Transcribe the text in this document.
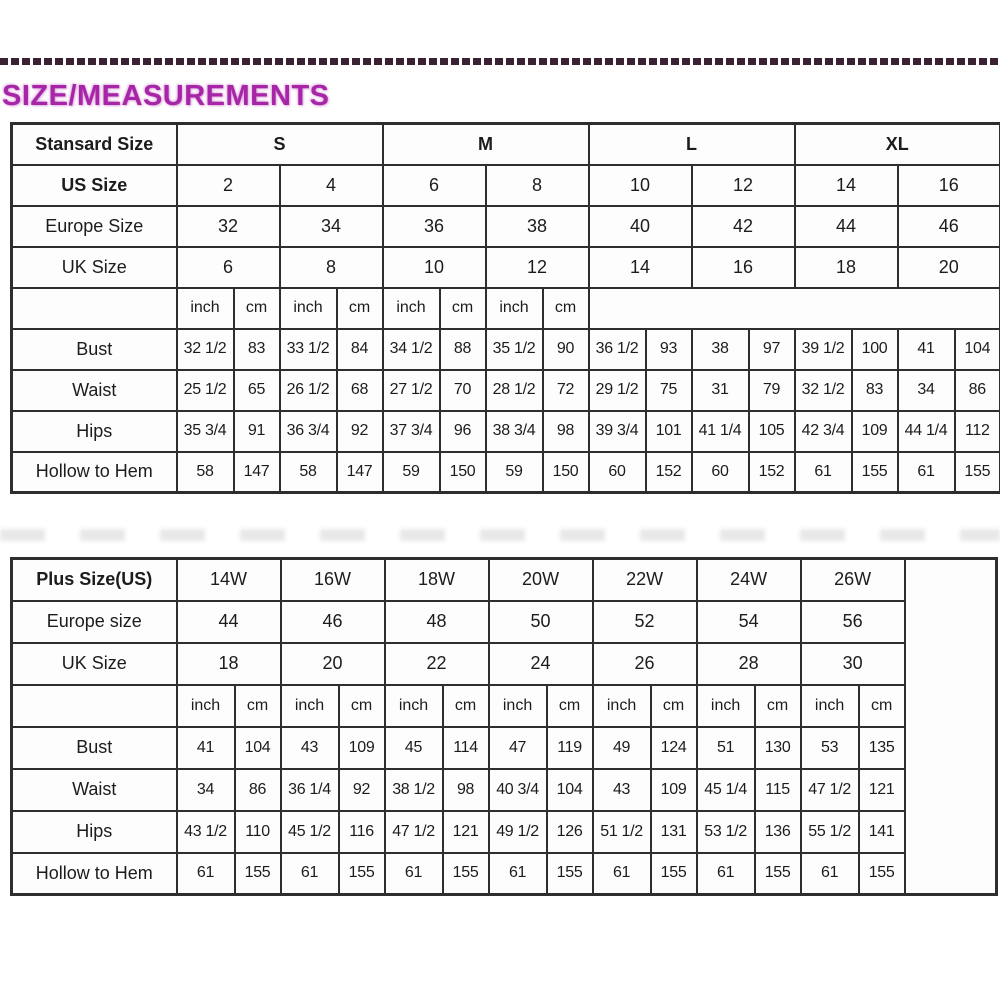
SIZE/MEASUREMENTS
Stansard Size	S				M				L				XL			
US Size	2		4		6		8		10		12		14		16	
Europe Size	32		34		36		38		40		42		44		46	
UK Size	6		8		10		12		14		16		18		20	
	inch	cm	inch	cm	inch	cm	inch	cm								
Bust	32 1/2	83	33 1/2	84	34 1/2	88	35 1/2	90	36 1/2	93	38	97	39 1/2	100	41	104
Waist	25 1/2	65	26 1/2	68	27 1/2	70	28 1/2	72	29 1/2	75	31	79	32 1/2	83	34	86
Hips	35 3/4	91	36 3/4	92	37 3/4	96	38 3/4	98	39 3/4	101	41 1/4	105	42 3/4	109	44 1/4	112
Hollow to Hem	58	147	58	147	59	150	59	150	60	152	60	152	61	155	61	155
Plus Size(US)	14W		16W		18W		20W		22W		24W		26W		
Europe size	44		46		48		50		52		54		56		
UK Size	18		20		22		24		26		28		30		
	inch	cm	inch	cm	inch	cm	inch	cm	inch	cm	inch	cm	inch	cm	
Bust	41	104	43	109	45	114	47	119	49	124	51	130	53	135	
Waist	34	86	36 1/4	92	38 1/2	98	40 3/4	104	43	109	45 1/4	115	47 1/2	121	
Hips	43 1/2	110	45 1/2	116	47 1/2	121	49 1/2	126	51 1/2	131	53 1/2	136	55 1/2	141	
Hollow to Hem	61	155	61	155	61	155	61	155	61	155	61	155	61	155	
